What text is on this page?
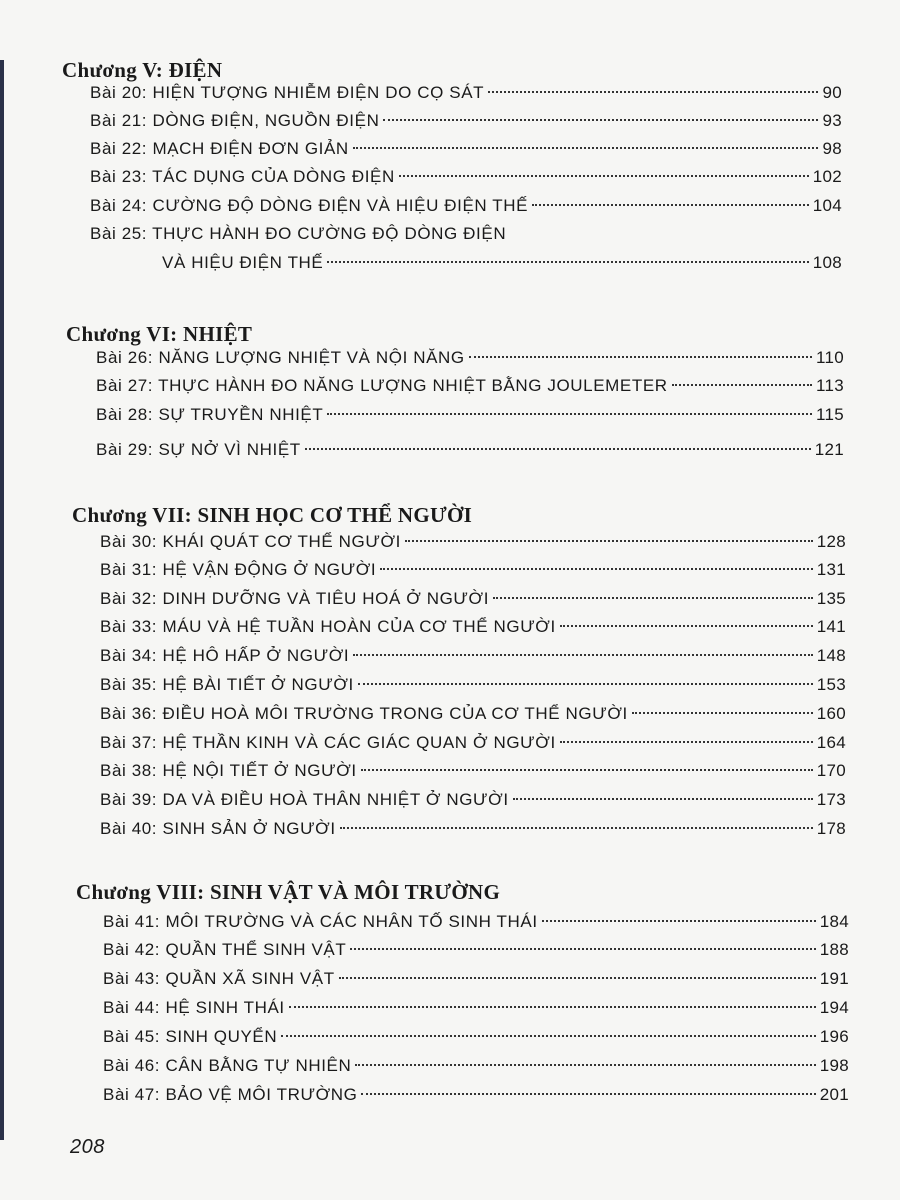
Chương V: ĐIỆN
Bài 20: HIỆN TƯỢNG NHIỄM ĐIỆN DO CỌ SÁT	90
Bài 21: DÒNG ĐIỆN, NGUỒN ĐIỆN	93
Bài 22: MẠCH ĐIỆN ĐƠN GIẢN	98
Bài 23: TÁC DỤNG CỦA DÒNG ĐIỆN	102
Bài 24: CƯỜNG ĐỘ DÒNG ĐIỆN VÀ HIỆU ĐIỆN THẾ	104
Bài 25: THỰC HÀNH ĐO CƯỜNG ĐỘ DÒNG ĐIỆN
VÀ HIỆU ĐIỆN THẾ	108
Chương VI: NHIỆT
Bài 26: NĂNG LƯỢNG NHIỆT VÀ NỘI NĂNG	110
Bài 27: THỰC HÀNH ĐO NĂNG LƯỢNG NHIỆT BẰNG JOULEMETER	113
Bài 28: SỰ TRUYỀN NHIỆT	115
Bài 29: SỰ NỞ VÌ NHIỆT	121
Chương VII: SINH HỌC CƠ THỂ NGƯỜI
Bài 30: KHÁI QUÁT CƠ THỂ NGƯỜI	128
Bài 31: HỆ VẬN ĐỘNG Ở NGƯỜI	131
Bài 32: DINH DƯỠNG VÀ TIÊU HOÁ Ở NGƯỜI	135
Bài 33: MÁU VÀ HỆ TUẦN HOÀN CỦA CƠ THỂ NGƯỜI	141
Bài 34: HỆ HÔ HẤP Ở NGƯỜI	148
Bài 35: HỆ BÀI TIẾT Ở NGƯỜI	153
Bài 36: ĐIỀU HOÀ MÔI TRƯỜNG TRONG CỦA CƠ THỂ NGƯỜI	160
Bài 37: HỆ THẦN KINH VÀ CÁC GIÁC QUAN Ở NGƯỜI	164
Bài 38: HỆ NỘI TIẾT Ở NGƯỜI	170
Bài 39: DA VÀ ĐIỀU HOÀ THÂN NHIỆT Ở NGƯỜI	173
Bài 40: SINH SẢN Ở NGƯỜI	178
Chương VIII: SINH VẬT VÀ MÔI TRƯỜNG
Bài 41: MÔI TRƯỜNG VÀ CÁC NHÂN TỐ SINH THÁI	184
Bài 42: QUẦN THỂ SINH VẬT	188
Bài 43: QUẦN XÃ SINH VẬT	191
Bài 44: HỆ SINH THÁI	194
Bài 45: SINH QUYỂN	196
Bài 46: CÂN BẰNG TỰ NHIÊN	198
Bài 47: BẢO VỆ MÔI TRƯỜNG	201
208
